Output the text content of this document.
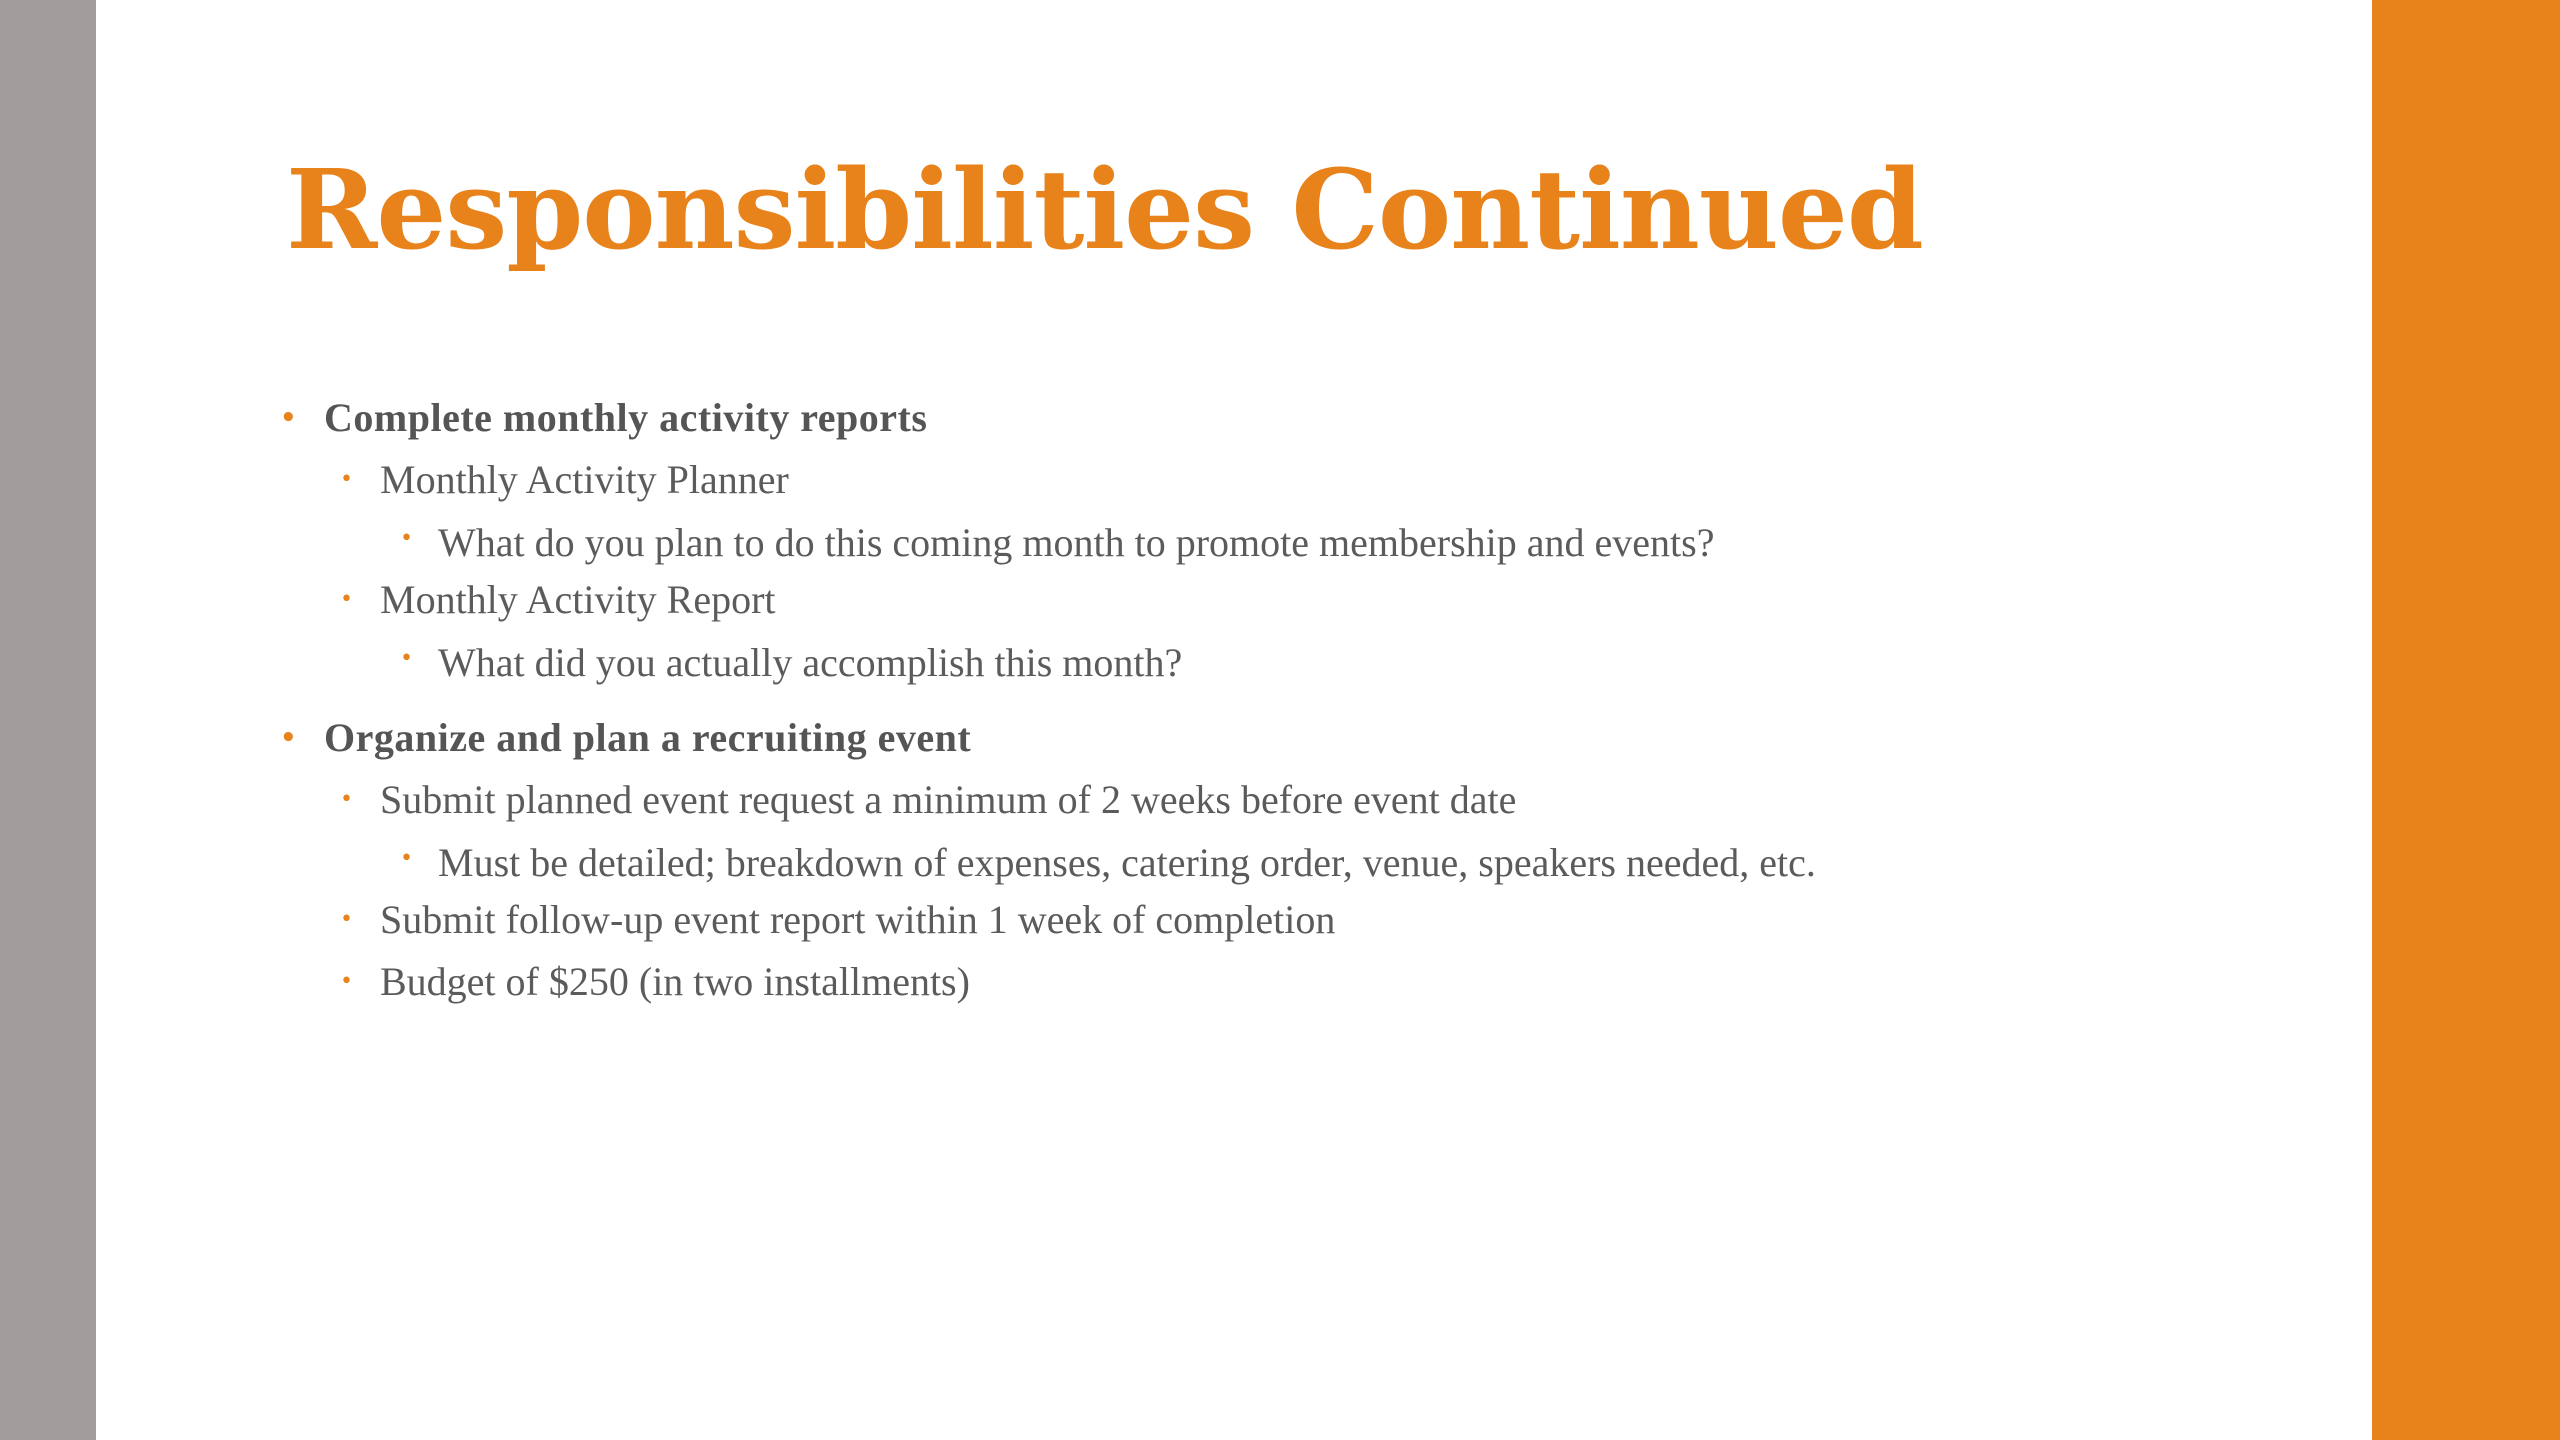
Responsibilities Continued
• Complete monthly activity reports
• Monthly Activity Planner
• What do you plan to do this coming month to promote membership and events?
• Monthly Activity Report
• What did you actually accomplish this month?
• Organize and plan a recruiting event
• Submit planned event request a minimum of 2 weeks before event date
• Must be detailed; breakdown of expenses, catering order, venue, speakers needed, etc.
• Submit follow-up event report within 1 week of completion
• Budget of $250 (in two installments)
